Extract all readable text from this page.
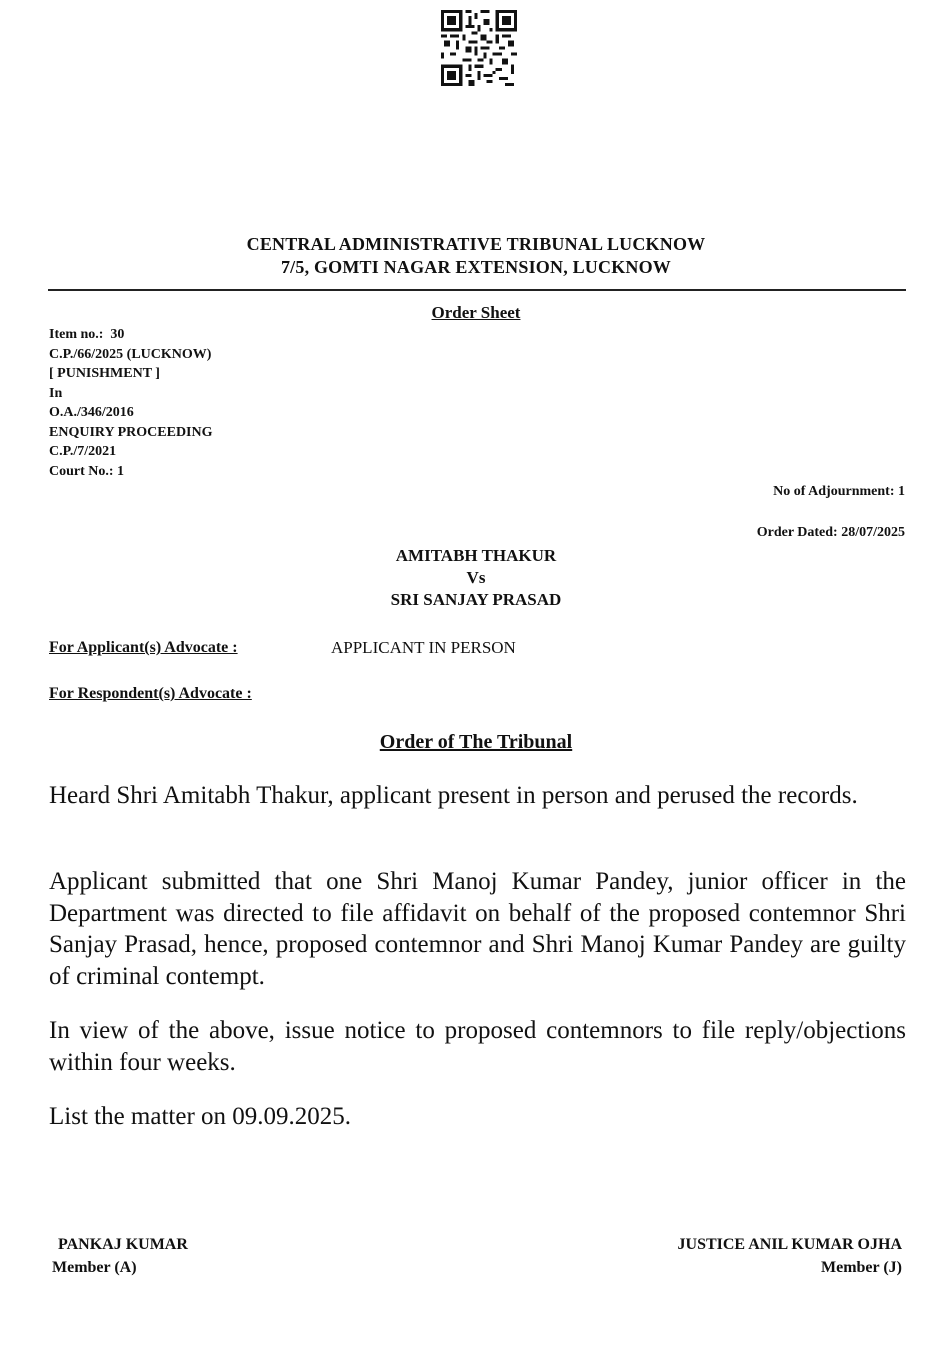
CENTRAL ADMINISTRATIVE TRIBUNAL LUCKNOW
7/5, GOMTI NAGAR EXTENSION, LUCKNOW
Order Sheet
Item no.:  30
C.P./66/2025 (LUCKNOW)
[ PUNISHMENT ]
In
O.A./346/2016
ENQUIRY PROCEEDING
C.P./7/2021
Court No.: 1
No of Adjournment: 1
Order Dated: 28/07/2025
AMITABH THAKUR
Vs
SRI SANJAY PRASAD
For Applicant(s) Advocate :	APPLICANT IN PERSON
For Respondent(s) Advocate :
Order of The Tribunal
Heard Shri Amitabh Thakur, applicant present in person and perused the records.
Applicant submitted that one Shri Manoj Kumar Pandey, junior officer in the Department was directed to file affidavit on behalf of the proposed contemnor Shri Sanjay Prasad, hence, proposed contemnor and Shri Manoj Kumar Pandey are guilty of criminal contempt.
In view of the above, issue notice to proposed contemnors to file reply/objections within four weeks.
List the matter on 09.09.2025.
PANKAJ KUMAR
Member (A)
JUSTICE ANIL KUMAR OJHA
Member (J)
